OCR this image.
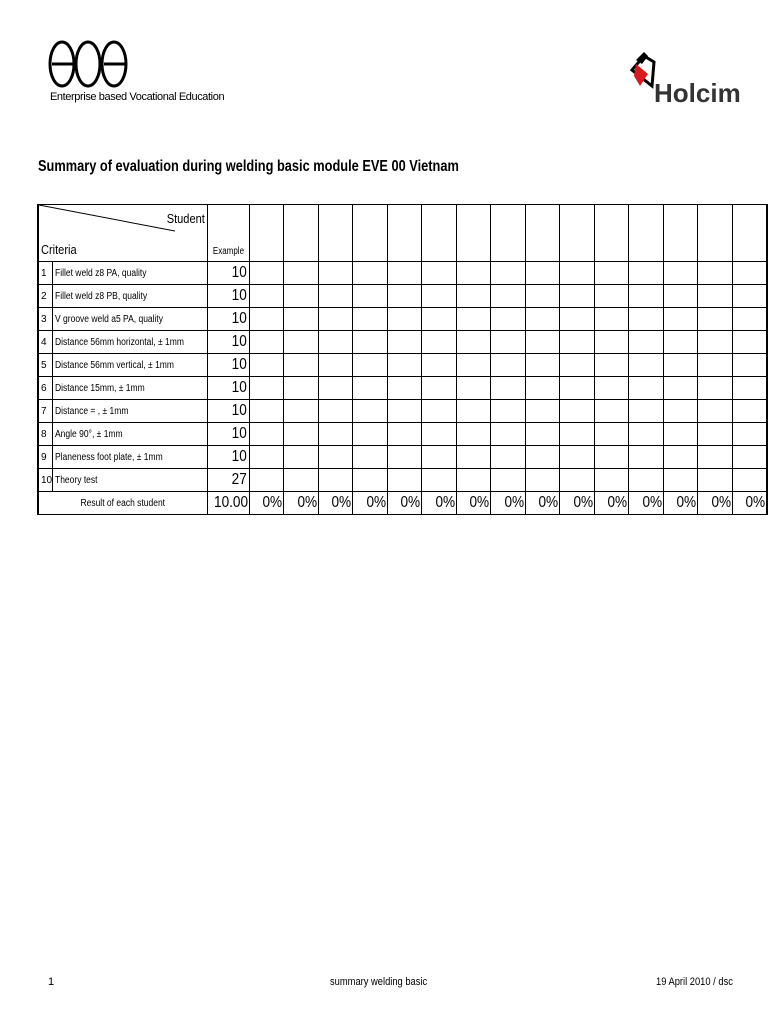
Enterprise based Vocational Education	Holcim
Summary of evaluation during welding basic module EVE 00 Vietnam
Student
Criteria		Example															
1	Fillet weld z8 PA, quality	10															
2	Fillet weld z8 PB, quality	10															
3	V groove weld a5 PA, quality	10															
4	Distance 56mm horizontal, ± 1mm	10															
5	Distance 56mm vertical, ± 1mm	10															
6	Distance 15mm, ± 1mm	10															
7	Distance = , ± 1mm	10															
8	Angle 90°, ± 1mm	10															
9	Planeness foot plate, ± 1mm	10															
10	Theory test	27															
Result of each student		10.00	0%	0%	0%	0%	0%	0%	0%	0%	0%	0%	0%	0%	0%	0%	0%
1	summary welding basic	19 April 2010 / dsc
